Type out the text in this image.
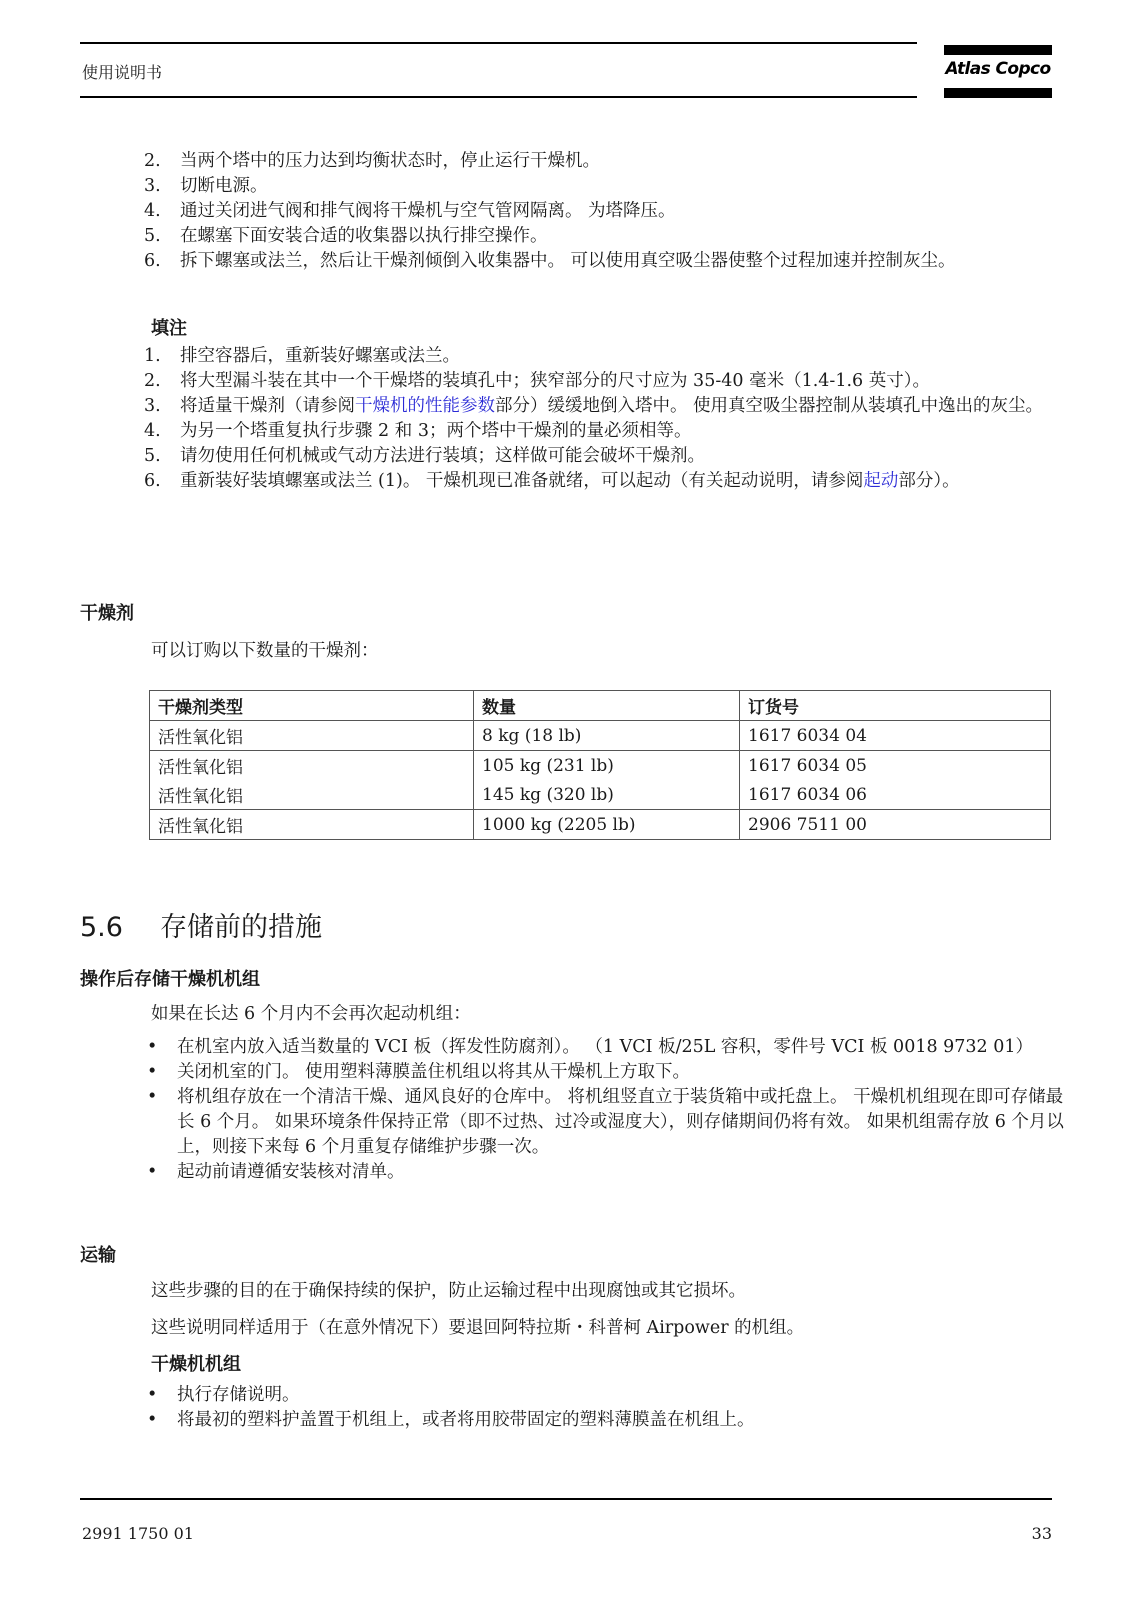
使用说明书	Atlas Copco
2. 当两个塔中的压力达到均衡状态时，停止运行干燥机。
3. 切断电源。
4. 通过关闭进气阀和排气阀将干燥机与空气管网隔离。 为塔降压。
5. 在螺塞下面安装合适的收集器以执行排空操作。
6. 拆下螺塞或法兰，然后让干燥剂倾倒入收集器中。 可以使用真空吸尘器使整个过程加速并控制灰尘。
填注
1. 排空容器后，重新装好螺塞或法兰。
2. 将大型漏斗装在其中一个干燥塔的装填孔中；狭窄部分的尺寸应为 35-40 毫米（1.4-1.6 英寸）。
3. 将适量干燥剂（请参阅干燥机的性能参数部分）缓缓地倒入塔中。 使用真空吸尘器控制从装填孔中逸出的灰尘。
4. 为另一个塔重复执行步骤 2 和 3；两个塔中干燥剂的量必须相等。
5. 请勿使用任何机械或气动方法进行装填；这样做可能会破坏干燥剂。
6. 重新装好装填螺塞或法兰 (1)。 干燥机现已准备就绪，可以起动（有关起动说明，请参阅起动部分）。
干燥剂
可以订购以下数量的干燥剂：
干燥剂类型	数量	订货号
活性氧化铝	8 kg (18 lb)	1617 6034 04
活性氧化铝	105 kg (231 lb)	1617 6034 05
活性氧化铝	145 kg (320 lb)	1617 6034 06
活性氧化铝	1000 kg (2205 lb)	2906 7511 00
5.6 存储前的措施
操作后存储干燥机机组
如果在长达 6 个月内不会再次起动机组：
• 在机室内放入适当数量的 VCI 板（挥发性防腐剂）。 （1 VCI 板/25L 容积，零件号 VCI 板 0018 9732 01）
• 关闭机室的门。 使用塑料薄膜盖住机组以将其从干燥机上方取下。
• 将机组存放在一个清洁干燥、通风良好的仓库中。 将机组竖直立于装货箱中或托盘上。 干燥机机组现在即可存储最长 6 个月。 如果环境条件保持正常（即不过热、过冷或湿度大），则存储期间仍将有效。 如果机组需存放 6 个月以上，则接下来每 6 个月重复存储维护步骤一次。
• 起动前请遵循安装核对清单。
运输
这些步骤的目的在于确保持续的保护，防止运输过程中出现腐蚀或其它损坏。
这些说明同样适用于（在意外情况下）要退回阿特拉斯・科普柯 Airpower 的机组。
干燥机机组
• 执行存储说明。
• 将最初的塑料护盖置于机组上，或者将用胶带固定的塑料薄膜盖在机组上。
2991 1750 01	33
